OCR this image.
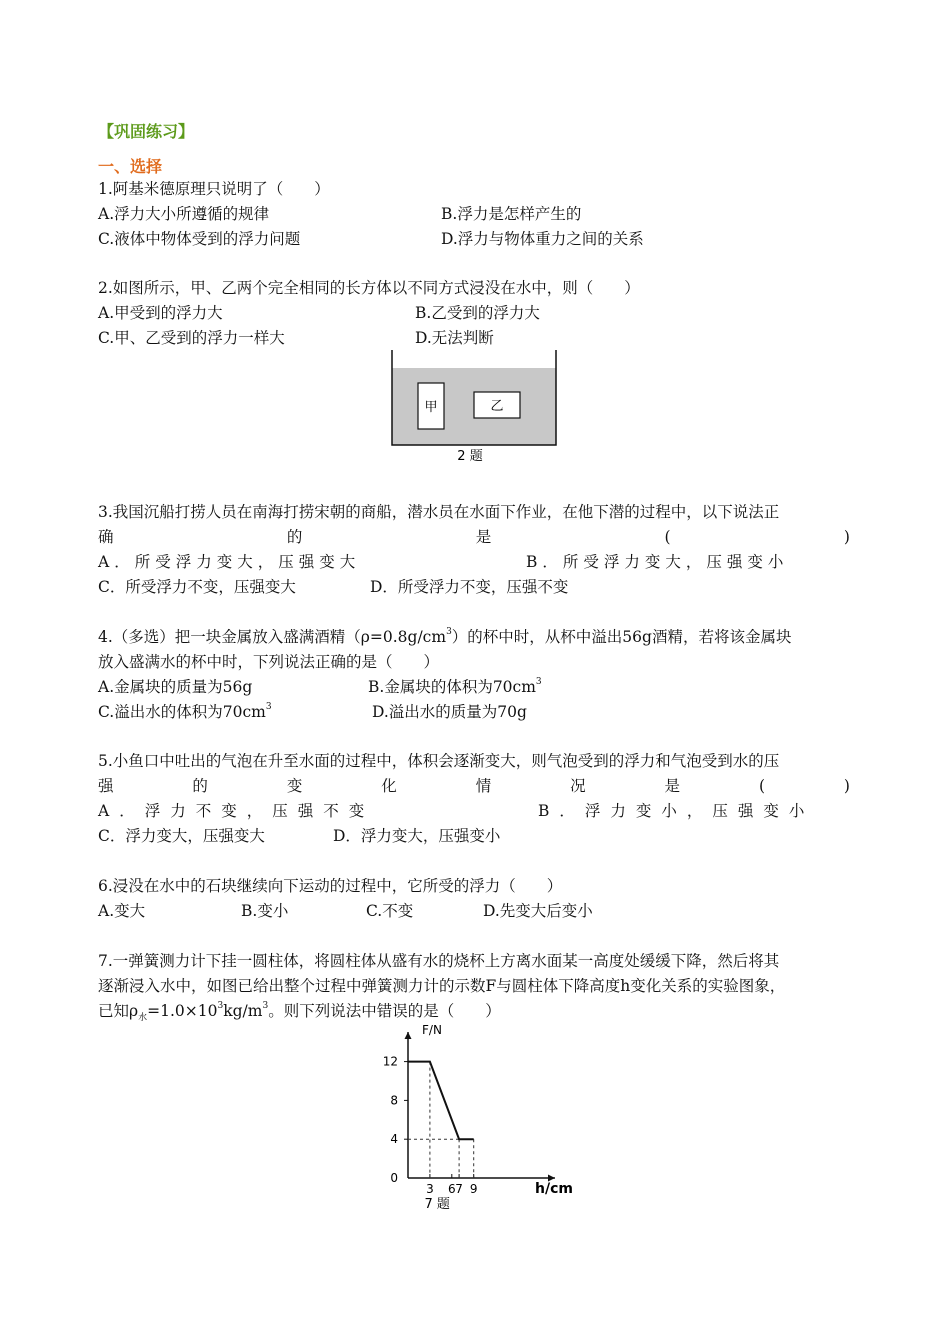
【巩固练习】
一、选择
1.阿基米德原理只说明了（　　）
A.浮力大小所遵循的规律	B.浮力是怎样产生的
C.液体中物体受到的浮力问题	D.浮力与物体重力之间的关系
2.如图所示，甲、乙两个完全相同的长方体以不同方式浸没在水中，则（　　）
A.甲受到的浮力大	B.乙受到的浮力大
C.甲、乙受到的浮力一样大	D.无法判断
甲	乙
2 题
3.我国沉船打捞人员在南海打捞宋朝的商船，潜水员在水面下作业，在他下潜的过程中，以下说法正
确	的	是	(	)
A．所受浮力变大，压强变大	B．所受浮力变大，压强变小
C．所受浮力不变，压强变大	D．所受浮力不变，压强不变
4.（多选）把一块金属放入盛满酒精$(\rho=0.8g/cm^3)$的杯中时，从杯中溢出56g酒精，若将该金属块
放入盛满水的杯中时，下列说法正确的是（　　）
A.金属块的质量为56g	B.金属块的体积为$70cm^3$
C.溢出水的体积为$70cm^3$	D.溢出水的质量为70g
5.小鱼口中吐出的气泡在升至水面的过程中，体积会逐渐变大，则气泡受到的浮力和气泡受到水的压
强	的	变	化	情	况	是	(	)
A．浮力不变，压强不变	B．浮力变小，压强变小
C．浮力变大，压强变大	D．浮力变大，压强变小
6.浸没在水中的石块继续向下运动的过程中，它所受的浮力（　　）
A.变大	B.变小	C.不变	D.先变大后变小
7.一弹簧测力计下挂一圆柱体，将圆柱体从盛有水的烧杯上方离水面某一高度处缓缓下降，然后将其
逐渐浸入水中，如图已给出整个过程中弹簧测力计的示数F与圆柱体下降高度h变化关系的实验图象，
已知$\rho_水=1.0\times 10^3kg/m^3$。则下列说法中错误的是（　　）
12
8
4
3 6 7 9
0
F/N
h/cm
7 题
